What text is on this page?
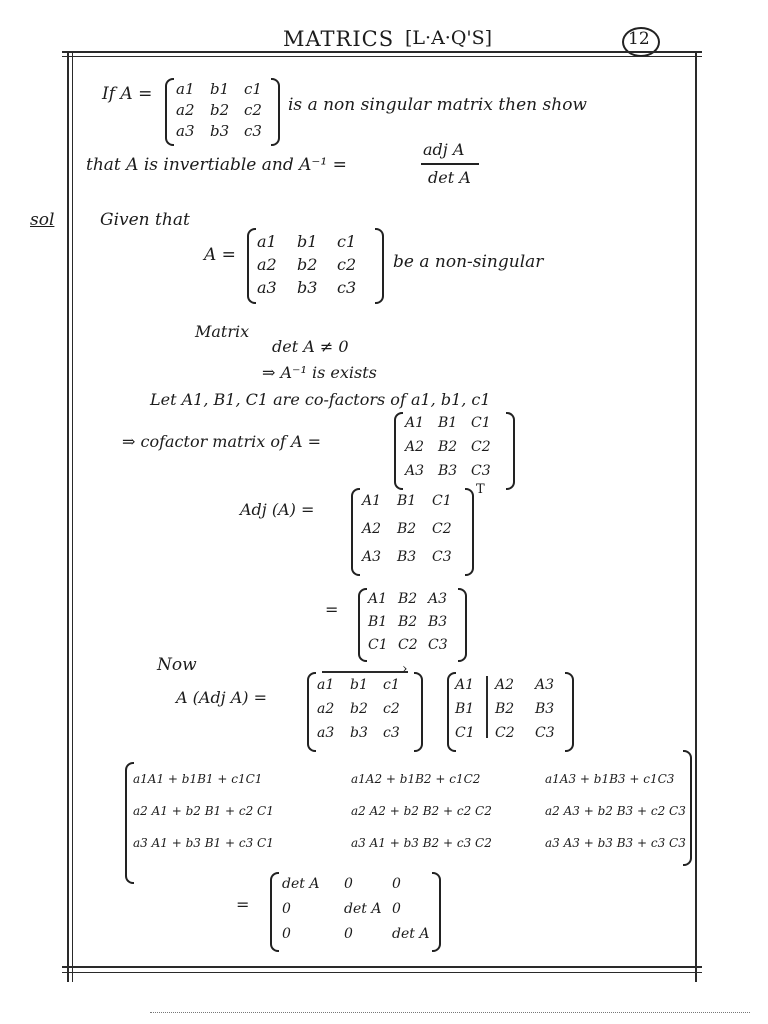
MATRICS [L·A·Q'S]	12
sol
If A = a1 b1 c1
a2 b2 c2
a3 b3 c3
is a non singular matrix then show
that A is invertiable and A⁻¹ =
adj A
det A
Given that
A =
a1 b1 c1
a2 b2 c2
a3 b3 c3
be a non-singular
Matrix
det A ≠ 0
⇒ A⁻¹ is exists
Let A1, B1, C1 are co-factors of a1, b1, c1
⇒ cofactor matrix of A =
A1 B1 C1
A2 B2 C2
A3 B3 C3
Adj (A) =	A1 B1 C1
A2 B2 C2
A3 B3 C3
T
=
A1 B2 A3
B1 B2 B3
C1 C2 C3
Now
A (Adj A) =
a1 b1 c1
a2 b2 c2
a3 b3 c3
›
A1 A2 A3
B1 B2 B3
C1 C2 C3
a1A1 + b1B1 + c1C1	a1A2 + b1B2 + c1C2	a1A3 + b1B3 + c1C3
a2 A1 + b2 B1 + c2 C1	a2 A2 + b2 B2 + c2 C2	a2 A3 + b2 B3 + c2 C3
a3 A1 + b3 B1 + c3 C1	a3 A1 + b3 B2 + c3 C2	a3 A3 + b3 B3 + c3 C3
=
det A 0	0
0	det A 0
0	0	det A
